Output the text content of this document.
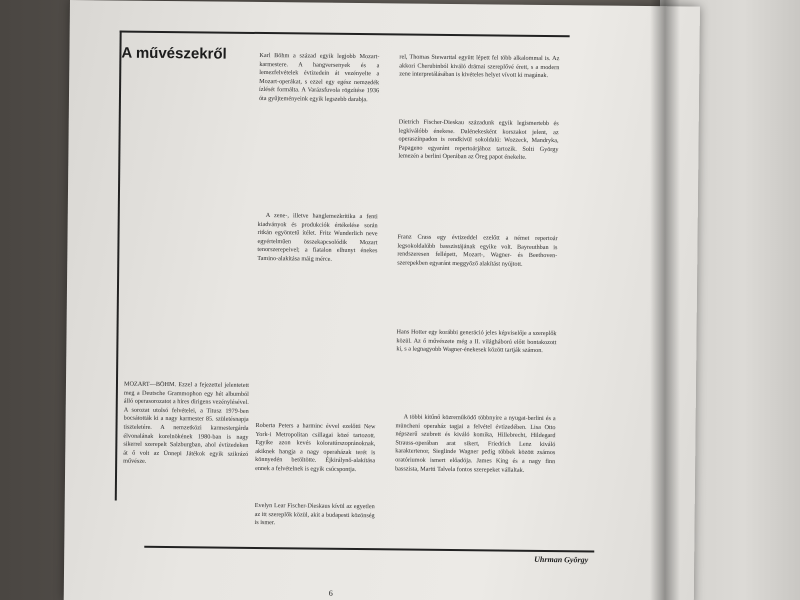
A művészekről

MOZART—BÖHM. Ezzel a fejezettel jelentetett meg a Deutsche Grammophon egy hét albumból álló operasorozatot a híres dirigens vezénylésével. A sorozat utolsó felvételei, a Titusz 1979-ben bocsátották ki a nagy karmester 85. születésnapja tiszteletére. A nemzetközi karmestergárda élvonalának korelnökének 1980-ban is nagy sikerrel szerepelt Salzburgban, ahol évtizedeken át ő volt az Ünnepi Játékok egyik szikrázó művésze.

Karl Böhm a század egyik legjobb Mozart-karmestere. A hangversenyek és a lemezfelvételek évtizedein át vezényelte a Mozart-operákat, s ezzel egy egész nemzedék ízlését formálta. A Varázsfuvola rögzítése 1936 óta gyűjteményeink egyik legszebb darabja.

A zene-, illetve hanglemezkritika a fenti kiadványok és produkciók értékelése során ritkán egyöntetű ítélet. Fritz Wunderlich neve egyértelműen összekapcsolódik Mozart tenorszerepeivel; a fiatalon elhunyt énekes Tamino-alakítása máig mérce.

Roberta Peters a harminc évvel ezelőtti New York-i Metropolitan csillagai közé tartozott. Egyike azon kevés koloratúrszopránoknak, akiknek hangja a nagy operaházak terét is könnyedén betöltötte. Éjkirálynő-alakítása ennek a felvételnek is egyik csúcspontja.

Evelyn Lear Fischer-Dieskaus kívül az egyetlen az itt szereplők közül, akit a budapesti közönség is ismer.

rel, Thomas Stewarttal együtt lépett fel több alkalommal is. Az akkori Cherubinból kiváló drámai szereplővé érett, s a modern zene interpretálásában is kivételes helyet vívott ki magának.

Dietrich Fischer-Dieskau századunk egyik legismertebb és legkiválóbb énekese. Dalénekesként korszakot jelent, az operaszínpadon is rendkívül sokoldalú: Wozzeck, Mandryka, Papageno egyaránt repertoárjához tartozik. Solti György lemezén a berlini Operában az Öreg papot énekelte.

Franz Crass egy évtizeddel ezelőtt a német repertoár legsokoldalúbb basszistájának egyike volt. Bayreuthban is rendszeresen fellépett, Mozart-, Wagner- és Beethoven-szerepekben egyaránt meggyőző alakítást nyújtott.

Hans Hotter egy korábbi generáció jeles képviselője a szereplők közül. Az ő művészete még a II. világháború előtt bontakozott ki, s a legnagyobb Wagner-énekesek között tartják számon.

A többi kitűnő közreműködő többnyire a nyugat-berlini és a müncheni operaház tagjai a felvétel évtizedében. Lisa Otto népszerű szubrett és kiváló komika, Hillebrecht, Hildegard Strauss-operában arat sikert, Friedrich Lenz kiváló karaktertenor, Sieglinde Wagner pedig többek között zsámos oratóriumok ismert előadója. James King és a nagy finn basszista, Martti Talvela fontos szerepeket vállaltak.

Uhrman György
6
